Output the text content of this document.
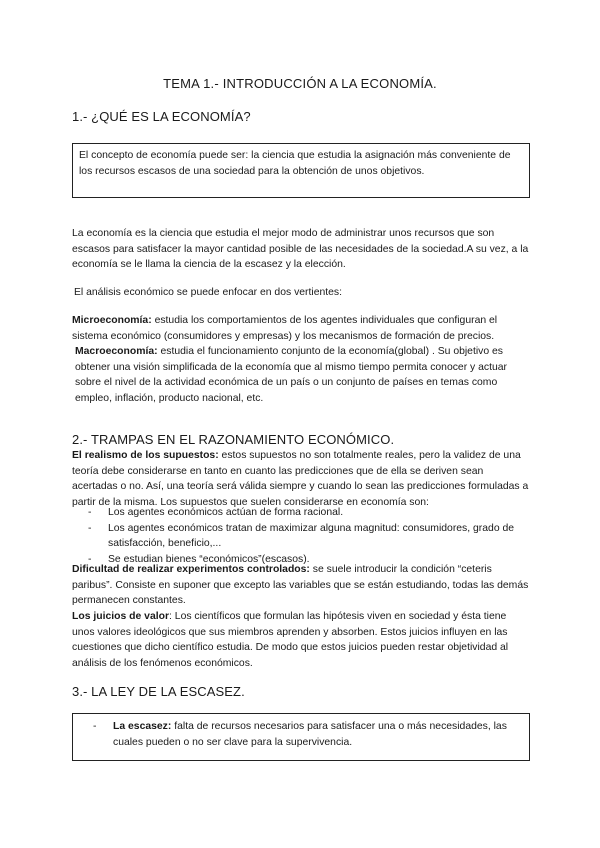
TEMA 1.- INTRODUCCIÓN A LA ECONOMÍA.
1.- ¿QUÉ ES LA ECONOMÍA?
El concepto de economía puede ser: la ciencia que estudia la asignación más conveniente de los recursos escasos de una sociedad para la obtención de unos objetivos.
La economía es la ciencia que estudia el mejor modo de administrar unos recursos que son escasos para satisfacer la mayor cantidad posible de las necesidades de la sociedad.A su vez, a la economía se le llama la ciencia de la escasez y la elección.
El análisis económico se puede enfocar en dos vertientes:
Microeconomía: estudia los comportamientos de los agentes individuales que configuran el sistema económico (consumidores y empresas) y los mecanismos de formación de precios.
Macroeconomía: estudia el funcionamiento conjunto de la economía(global) . Su objetivo es obtener una visión simplificada de la economía que al mismo tiempo permita conocer y actuar sobre el nivel de la actividad económica de un país o un conjunto de países en temas como empleo, inflación, producto nacional, etc.
2.- TRAMPAS EN EL RAZONAMIENTO ECONÓMICO.
El realismo de los supuestos: estos supuestos no son totalmente reales, pero la validez de una teoría debe considerarse en tanto en cuanto las predicciones que de ella se deriven sean acertadas o no. Así, una teoría será válida siempre y cuando lo sean las predicciones formuladas a partir de la misma. Los supuestos que suelen considerarse en economía son:
- Los agentes económicos actúan de forma racional.
- Los agentes económicos tratan de maximizar alguna magnitud: consumidores, grado de satisfacción, beneficio,...
- Se estudian bienes “económicos”(escasos).
Dificultad de realizar experimentos controlados: se suele introducir la condición “ceteris paribus”. Consiste en suponer que excepto las variables que se están estudiando, todas las demás permanecen constantes.
Los juicios de valor: Los científicos que formulan las hipótesis viven en sociedad y ésta tiene unos valores ideológicos que sus miembros aprenden y absorben. Estos juicios influyen en las cuestiones que dicho científico estudia. De modo que estos juicios pueden restar objetividad al análisis de los fenómenos económicos.
3.- LA LEY DE LA ESCASEZ.
- La escasez: falta de recursos necesarios para satisfacer una o más necesidades, las cuales pueden o no ser clave para la supervivencia.
